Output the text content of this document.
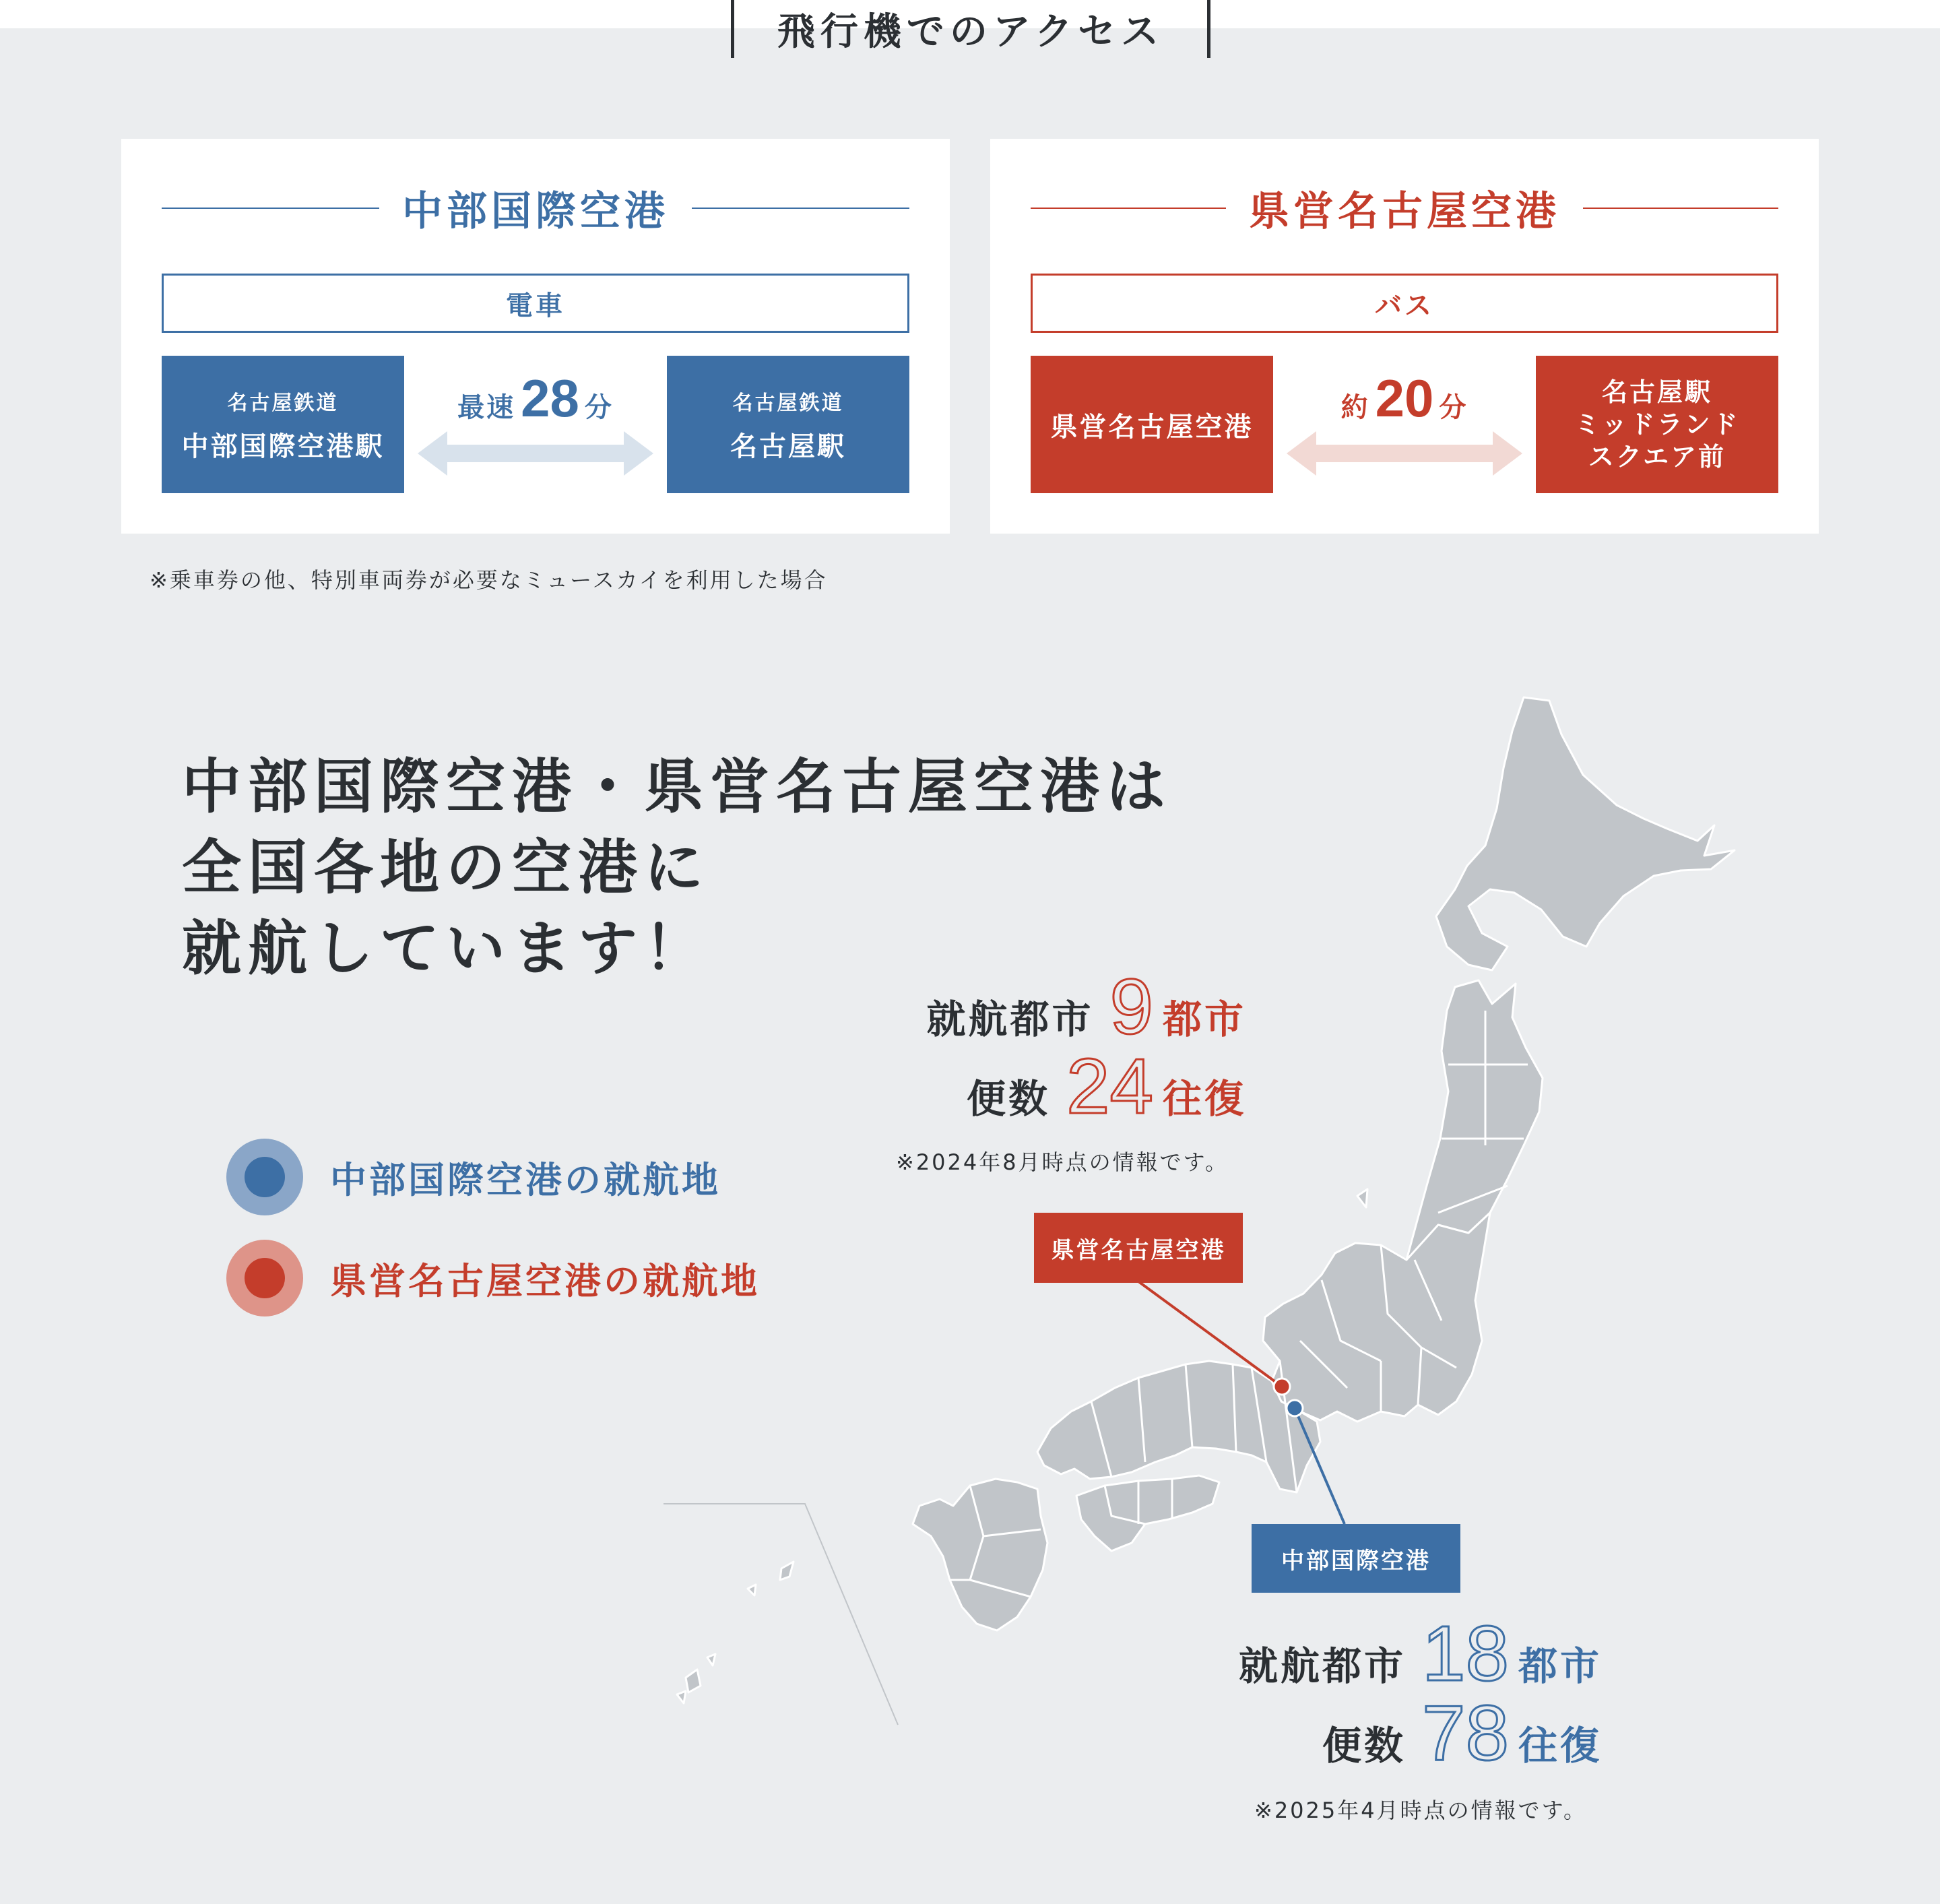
飛行機でのアクセス
中部国際空港
電車
名古屋鉄道
中部国際空港駅
最速 28 分	名古屋鉄道
名古屋駅
県営名古屋空港
バス
県営名古屋空港
約 20 分	名古屋駅
ミッドランド
スクエア前
※乗車券の他、特別車両券が必要なミュースカイを利用した場合
中部国際空港・県営名古屋空港は
全国各地の空港に
就航しています！
中部国際空港の就航地
県営名古屋空港の就航地
県営名古屋空港
中部国際空港
就航都市 9 都市
便数 24 往復
※2024年8月時点の情報です。
就航都市 18 都市
便数 78 往復
※2025年4月時点の情報です。
